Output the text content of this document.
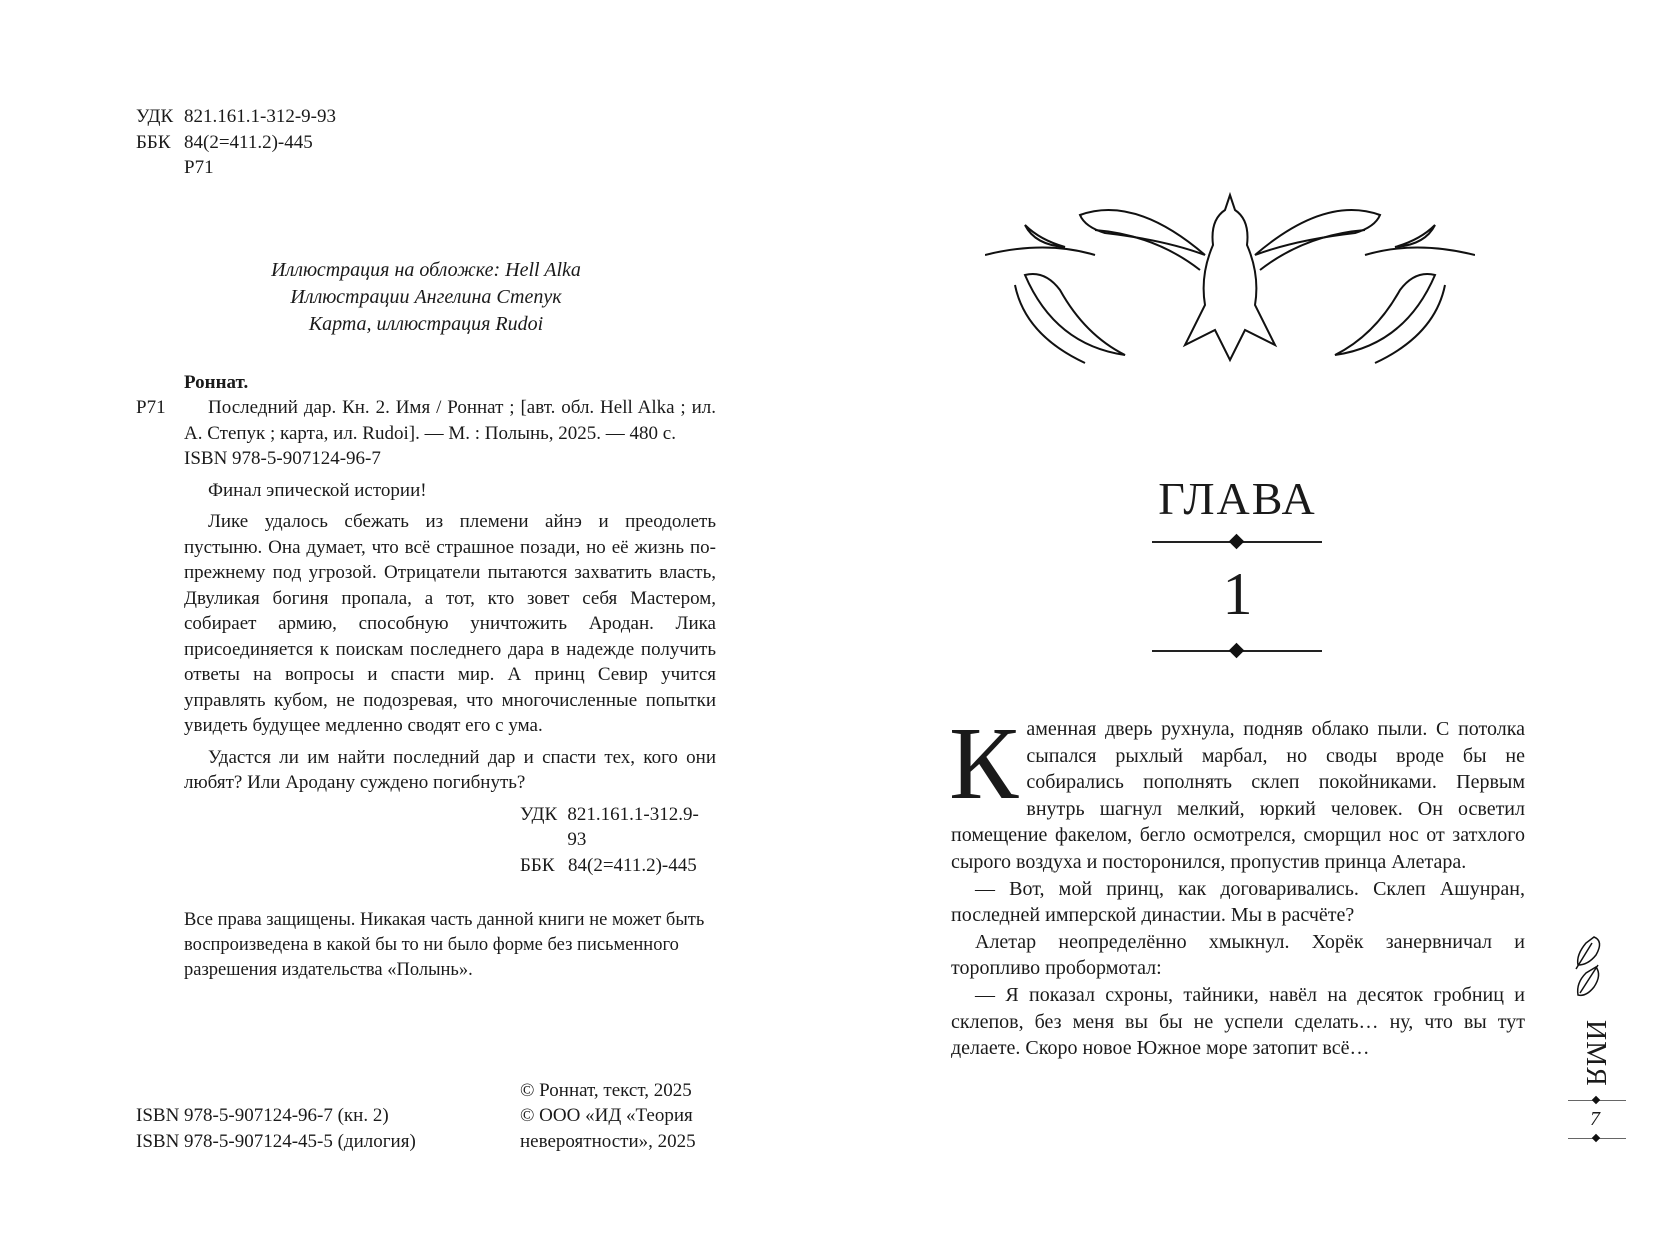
УДК 821.161.1-312-9-93
ББК 84(2=411.2)-445
Р71
Иллюстрация на обложке: Hell Alka
Иллюстрации Ангелина Степук
Карта, иллюстрация Rudoi
Роннат.
Р71	Последний дар. Кн. 2. Имя / Роннат ; [авт. обл. Hell Alka ; ил. А. Степук ; карта, ил. Rudoi]. — М. : Полынь, 2025. — 480 с.

ISBN 978-5-907124-96-7

Финал эпической истории!

Лике удалось сбежать из племени айнэ и преодолеть пустыню. Она думает, что всё страшное позади, но её жизнь по-прежнему под угрозой. Отрицатели пытаются захватить власть, Двуликая богиня пропала, а тот, кто зовет себя Мастером, собирает армию, способную уничтожить Ародан. Лика присоединяется к поискам последнего дара в надежде получить ответы на вопросы и спасти мир. А принц Севир учится управлять кубом, не подозревая, что многочисленные попытки увидеть будущее медленно сводят его с ума.

Удастся ли им найти последний дар и спасти тех, кого они любят? Или Ародану суждено погибнуть?

УДК 821.161.1-312.9-93
ББК 84(2=411.2)-445
Все права защищены. Никакая часть данной книги не может быть воспроизведена в какой бы то ни было форме без письменного разрешения издательства «Полынь».
ISBN 978-5-907124-96-7 (кн. 2)
ISBN 978-5-907124-45-5 (дилогия)
© Роннат, текст, 2025
© ООО «ИД «Теория
невероятности», 2025
ГЛАВА
1

Каменная дверь рухнула, подняв облако пыли. С потолка сыпался рыхлый марбал, но своды вроде бы не собирались пополнять склеп покойниками. Первым внутрь шагнул мелкий, юркий человек. Он осветил помещение факелом, бегло осмотрелся, сморщил нос от затхлого сырого воздуха и посторонился, пропустив принца Алетара.

— Вот, мой принц, как договаривались. Склеп Ашунран, последней имперской династии. Мы в расчёте?

Алетар неопределённо хмыкнул. Хорёк занервничал и торопливо пробормотал:

— Я показал схроны, тайники, навёл на десяток гробниц и склепов, без меня вы бы не успели сделать… ну, что вы тут делаете. Скоро новое Южное море затопит всё…	ИМЯ
7
